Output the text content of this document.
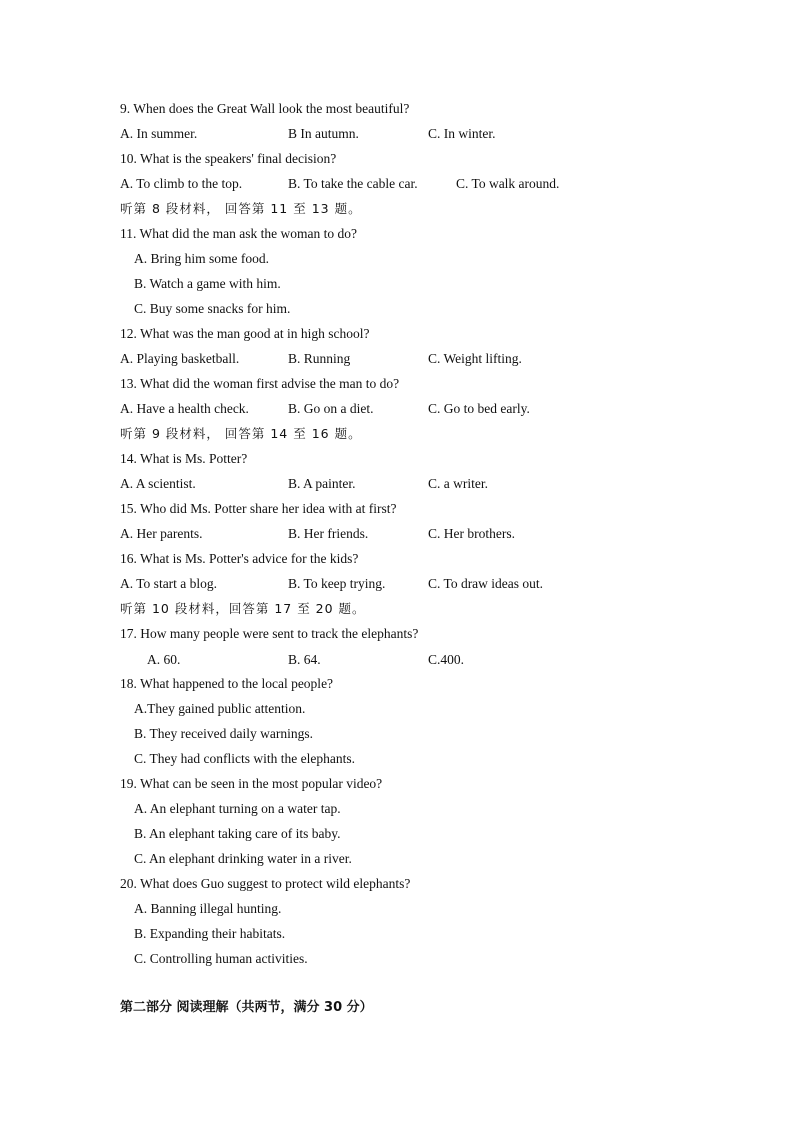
9. When does the Great Wall look the most beautiful?
A. In summer.	B In autumn.	C. In winter.
10. What is the speakers' final decision?
A. To climb to the top.	B. To take the cable car.	C. To walk around.
听第 8 段材料， 回答第 11 至 13 题。
11. What did the man ask the woman to do?
A. Bring him some food.
B. Watch a game with him.
C. Buy some snacks for him.
12. What was the man good at in high school?
A. Playing basketball.	B. Running	C. Weight lifting.
13. What did the woman first advise the man to do?
A. Have a health check.	B. Go on a diet.	C. Go to bed early.
听第 9 段材料， 回答第 14 至 16 题。
14. What is Ms. Potter?
A. A scientist.	B. A painter.	C. a writer.
15. Who did Ms. Potter share her idea with at first?
A. Her parents.	B. Her friends.	C. Her brothers.
16. What is Ms. Potter's advice for the kids?
A. To start a blog.	B. To keep trying.	C. To draw ideas out.
听第 10 段材料，回答第 17 至 20 题。
17. How many people were sent to track the elephants?
A. 60.	B. 64.	C.400.
18. What happened to the local people?
A.They gained public attention.
B. They received daily warnings.
C. They had conflicts with the elephants.
19. What can be seen in the most popular video?
A. An elephant turning on a water tap.
B. An elephant taking care of its baby.
C. An elephant drinking water in a river.
20. What does Guo suggest to protect wild elephants?
A. Banning illegal hunting.
B. Expanding their habitats.
C. Controlling human activities.
第二部分 阅读理解（共两节，满分 30 分）
